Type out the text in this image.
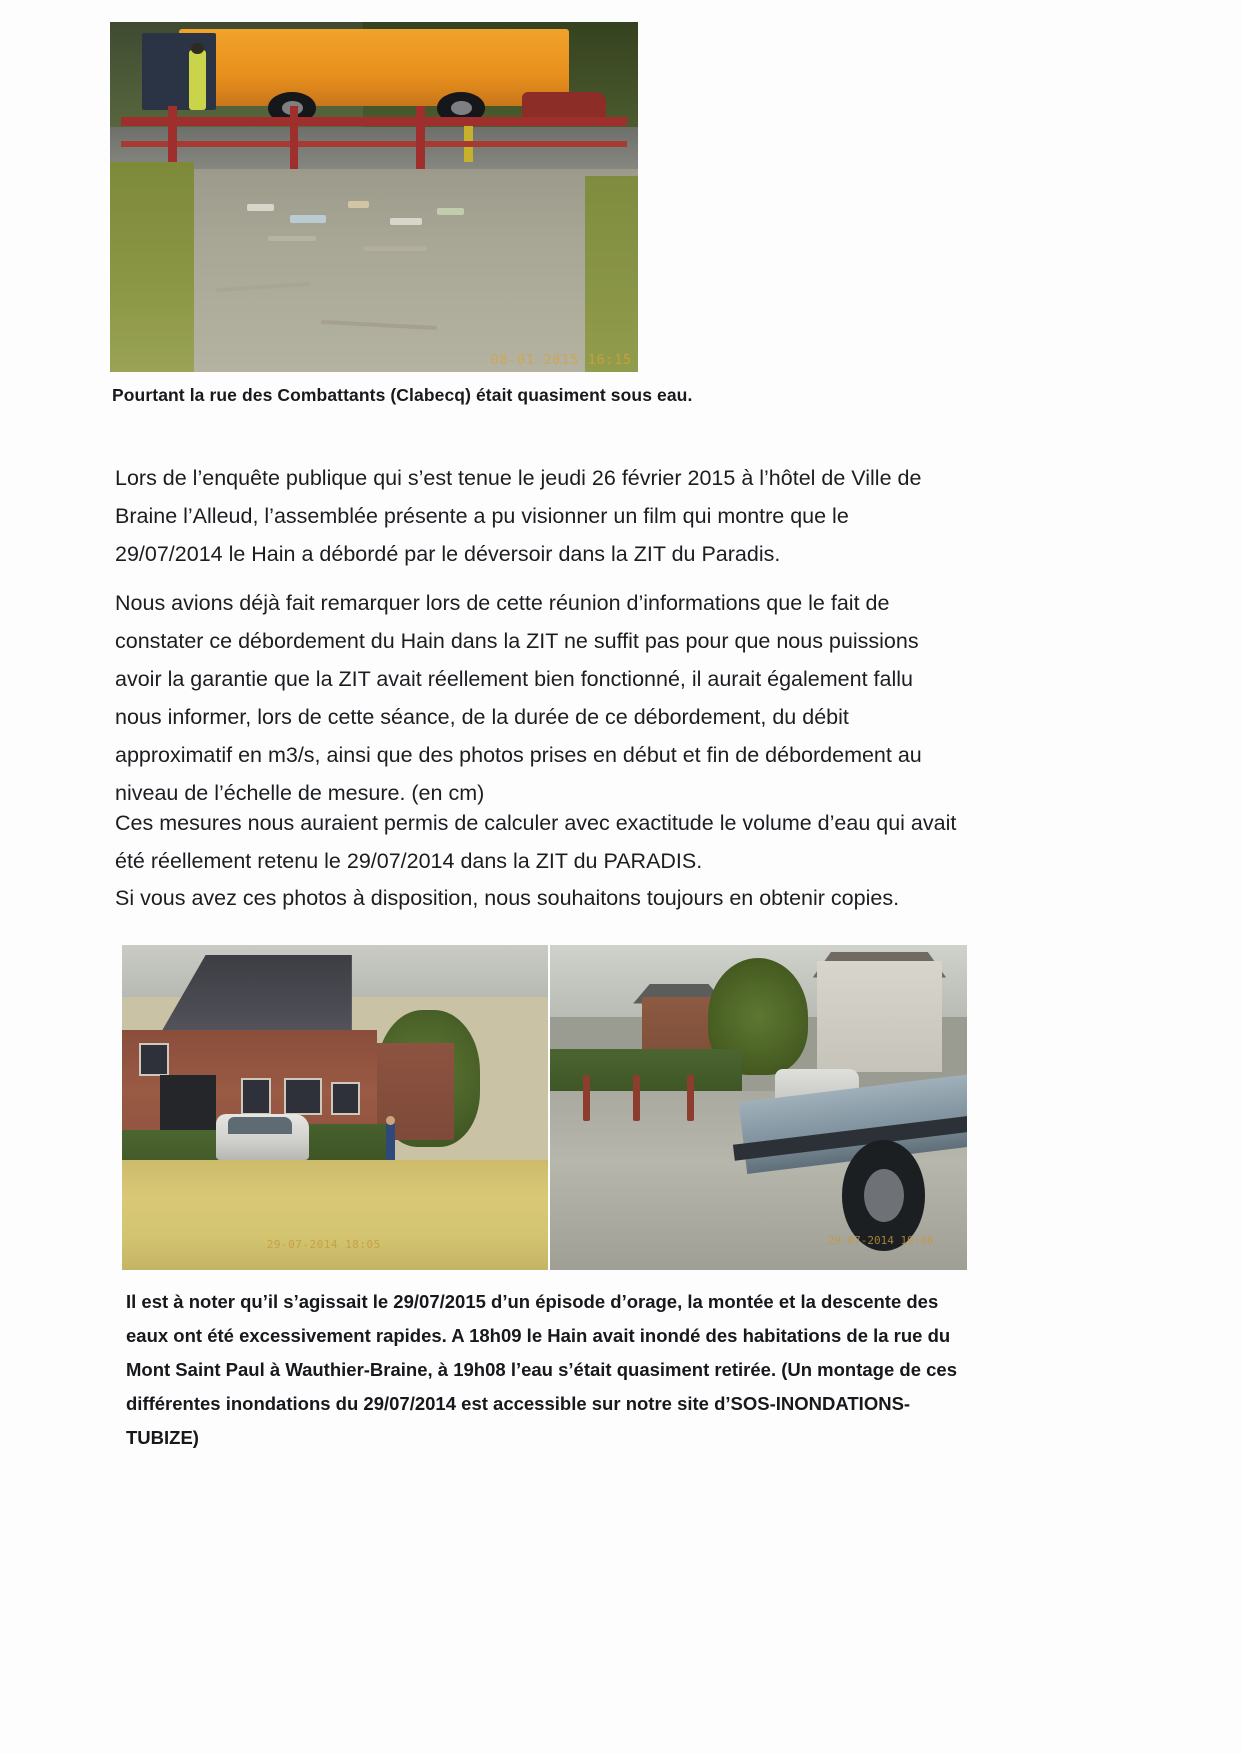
08-01-2015 16:15
Pourtant la rue des Combattants (Clabecq) était quasiment sous eau.

Lors de l’enquête publique qui s’est tenue le jeudi 26 février 2015 à l’hôtel de Ville de Braine l’Alleud, l’assemblée présente a pu visionner un film qui montre que le 29/07/2014 le Hain a débordé par le déversoir dans la ZIT du Paradis.

Nous avions déjà fait remarquer lors de cette réunion d’informations que le fait de constater ce débordement du Hain dans la ZIT ne suffit pas pour que nous puissions avoir la garantie que la ZIT avait réellement bien fonctionné, il aurait également fallu nous informer, lors de cette séance, de la durée de ce débordement, du débit approximatif en m3/s, ainsi que des photos prises en début et fin de débordement au niveau de l’échelle de mesure. (en cm)

Ces mesures nous auraient permis de calculer avec exactitude le volume d’eau qui avait été réellement retenu le 29/07/2014 dans la ZIT du PARADIS.

Si vous avez ces photos à disposition, nous souhaitons toujours en obtenir copies.

29-07-2014 18:05	29-07-2014 19:08
Il est à noter qu’il s’agissait le 29/07/2015 d’un épisode d’orage, la montée et la descente des eaux ont été excessivement rapides. A 18h09 le Hain avait inondé des habitations de la rue du Mont Saint Paul à Wauthier-Braine, à 19h08 l’eau s’était quasiment retirée. (Un montage de ces différentes inondations du 29/07/2014 est accessible sur notre site d’SOS-INONDATIONS-TUBIZE)
